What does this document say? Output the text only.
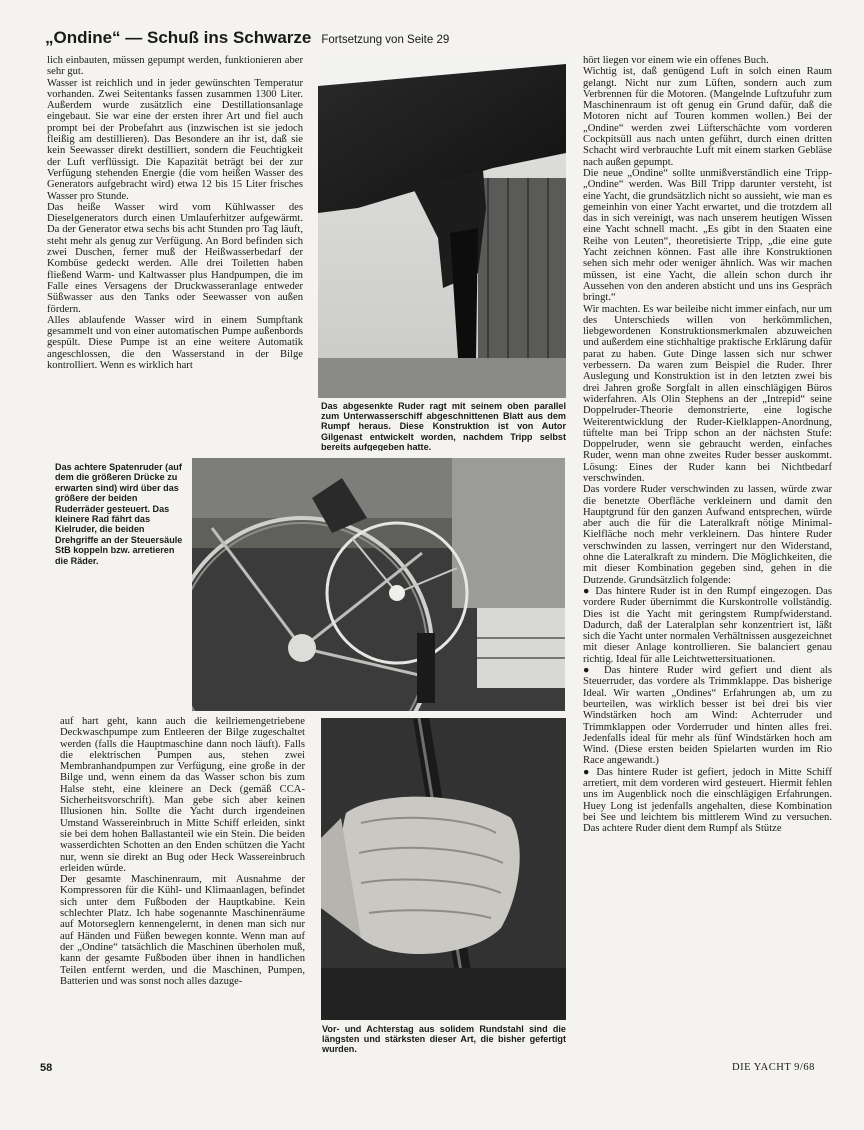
„Ondine“ — Schuß ins Schwarze Fortsetzung von Seite 29

lich einbauten, müssen gepumpt werden, funktionieren aber sehr gut.

Wasser ist reichlich und in jeder gewünschten Temperatur vorhanden. Zwei Seitentanks fassen zusammen 1300 Liter. Außerdem wurde zusätzlich eine Destillationsanlage eingebaut. Sie war eine der ersten ihrer Art und fiel auch prompt bei der Probefahrt aus (inzwischen ist sie jedoch fleißig am destillieren). Das Besondere an ihr ist, daß sie kein Seewasser direkt destilliert, sondern die Feuchtigkeit der Luft verflüssigt. Die Kapazität beträgt bei der zur Verfügung stehenden Energie (die vom heißen Wasser des Generators aufgebracht wird) etwa 12 bis 15 Liter frisches Wasser pro Stunde.

Das heiße Wasser wird vom Kühlwasser des Dieselgenerators durch einen Umlauferhitzer aufgewärmt. Da der Generator etwa sechs bis acht Stunden pro Tag läuft, steht mehr als genug zur Verfügung. An Bord befinden sich zwei Duschen, ferner muß der Heißwasserbedarf der Kombüse gedeckt werden. Alle drei Toiletten haben fließend Warm- und Kaltwasser plus Handpumpen, die im Falle eines Versagens der Druckwasseranlage entweder Süßwasser aus den Tanks oder Seewasser von außen fördern.

Alles ablaufende Wasser wird in einem Sumpftank gesammelt und von einer automatischen Pumpe außenbords gespült. Diese Pumpe ist an eine weitere Automatik angeschlossen, die den Wasserstand in der Bilge kontrolliert. Wenn es wirklich hart

Das abgesenkte Ruder ragt mit seinem oben parallel zum Unterwasserschiff abgeschnittenen Blatt aus dem Rumpf heraus. Diese Konstruktion ist von Autor Gilgenast entwickelt worden, nachdem Tripp selbst bereits aufgegeben hatte.
Das achtere Spatenruder (auf dem die größeren Drücke zu erwarten sind) wird über das größere der beiden Ruderräder gesteuert. Das kleinere Rad fährt das Kielruder, die beiden Drehgriffe an der Steuersäule StB koppeln bzw. arretieren die Räder.

auf hart geht, kann auch die keilriemengetriebene Deckwaschpumpe zum Entleeren der Bilge zugeschaltet werden (falls die Hauptmaschine dann noch läuft). Falls die elektrischen Pumpen aus, stehen zwei Membranhandpumpen zur Verfügung, eine große in der Bilge und, wenn einem da das Wasser schon bis zum Halse steht, eine kleinere an Deck (gemäß CCA-Sicherheitsvorschrift). Man gebe sich aber keinen Illusionen hin. Sollte die Yacht durch irgendeinen Umstand Wassereinbruch in Mitte Schiff erleiden, sinkt sie bei dem hohen Ballastanteil wie ein Stein. Die beiden wasserdichten Schotten an den Enden schützen die Yacht nur, wenn sie direkt an Bug oder Heck Wassereinbruch erleiden würde.

Der gesamte Maschinenraum, mit Ausnahme der Kompressoren für die Kühl- und Klimaanlagen, befindet sich unter dem Fußboden der Hauptkabine. Kein schlechter Platz. Ich habe sogenannte Maschinenräume auf Motorseglern kennengelernt, in denen man sich nur auf Händen und Füßen bewegen konnte. Wenn man auf der „Ondine“ tatsächlich die Maschinen überholen muß, kann der gesamte Fußboden über ihnen in handlichen Teilen entfernt werden, und die Maschinen, Pumpen, Batterien und was sonst noch alles dazuge-

Vor- und Achterstag aus solidem Rundstahl sind die längsten und stärksten dieser Art, die bisher gefertigt wurden.

hört liegen vor einem wie ein offenes Buch.

Wichtig ist, daß genügend Luft in solch einen Raum gelangt. Nicht nur zum Lüften, sondern auch zum Verbrennen für die Motoren. (Mangelnde Luftzufuhr zum Maschinenraum ist oft genug ein Grund dafür, daß die Motoren nicht auf Touren kommen wollen.) Bei der „Ondine“ werden zwei Lüfterschächte vom vorderen Cockpitsüll aus nach unten geführt, durch einen dritten Schacht wird verbrauchte Luft mit einem starken Gebläse nach außen gepumpt.

Die neue „Ondine“ sollte unmißverständlich eine Tripp-„Ondine“ werden. Was Bill Tripp darunter versteht, ist eine Yacht, die grundsätzlich nicht so aussieht, wie man es gemeinhin von einer Yacht erwartet, und die trotzdem all das in sich vereinigt, was nach unserem heutigen Wissen eine Yacht schnell macht. „Es gibt in den Staaten eine Reihe von Leuten“, theoretisierte Tripp, „die eine gute Yacht zeichnen können. Fast alle ihre Konstruktionen sehen sich mehr oder weniger ähnlich. Was wir machen müssen, ist eine Yacht, die allein schon durch ihr Aussehen von den anderen absticht und uns ins Gespräch bringt.“

Wir machten. Es war beileibe nicht immer einfach, nur um des Unterschieds willen von herkömmlichen, liebgewordenen Konstruktionsmerkmalen abzuweichen und außerdem eine stichhaltige praktische Erklärung dafür parat zu haben. Gute Dinge lassen sich nur schwer verbessern. Da waren zum Beispiel die Ruder. Ihrer Auslegung und Konstruktion ist in den letzten zwei bis drei Jahren große Sorgfalt in allen einschlägigen Büros widerfahren. Als Olin Stephens an der „Intrepid“ seine Doppelruder-Theorie demonstrierte, eine logische Weiterentwicklung der Ruder-Kielklappen-Anordnung, tüftelte man bei Tripp schon an der nächsten Stufe: Doppelruder, wenn sie gebraucht werden, einfaches Ruder, wenn man ohne zweites Ruder besser auskommt. Lösung: Eines der Ruder kann bei Nichtbedarf verschwinden.

Das vordere Ruder verschwinden zu lassen, würde zwar die benetzte Oberfläche verkleinern und damit den Hauptgrund für den ganzen Aufwand entsprechen, würde aber auch die für die Lateralkraft nötige Minimal-Kielfläche noch mehr verkleinern. Das hintere Ruder verschwinden zu lassen, verringert nur den Widerstand, ohne die Lateralkraft zu mindern. Die Möglichkeiten, die mit dieser Kombination gegeben sind, gehen in die Dutzende. Grundsätzlich folgende:

● Das hintere Ruder ist in den Rumpf eingezogen. Das vordere Ruder übernimmt die Kurskontrolle vollständig. Dies ist die Yacht mit geringstem Rumpfwiderstand. Dadurch, daß der Lateralplan sehr konzentriert ist, läßt sich die Yacht unter normalen Verhältnissen ausgezeichnet mit dieser Anlage kontrollieren. Sie balanciert genau richtig. Ideal für alle Leichtwettersituationen.

● Das hintere Ruder wird gefiert und dient als Steuerruder, das vordere als Trimmklappe. Das bisherige Ideal. Wir warten „Ondines“ Erfahrungen ab, um zu beurteilen, was wirklich besser ist bei drei bis vier Windstärken hoch am Wind: Achterruder und Trimmklappen oder Vorderruder und hinten alles frei. Jedenfalls ideal für mehr als fünf Windstärken hoch am Wind. (Diese ersten beiden Spielarten wurden im Rio Race angewandt.)

● Das hintere Ruder ist gefiert, jedoch in Mitte Schiff arretiert, mit dem vorderen wird gesteuert. Hiermit fehlen uns im Augenblick noch die einschlägigen Erfahrungen. Huey Long ist jedenfalls angehalten, diese Kombination bei See und leichtem bis mittlerem Wind zu versuchen. Das achtere Ruder dient dem Rumpf als Stütze

58	DIE YACHT 9/68
